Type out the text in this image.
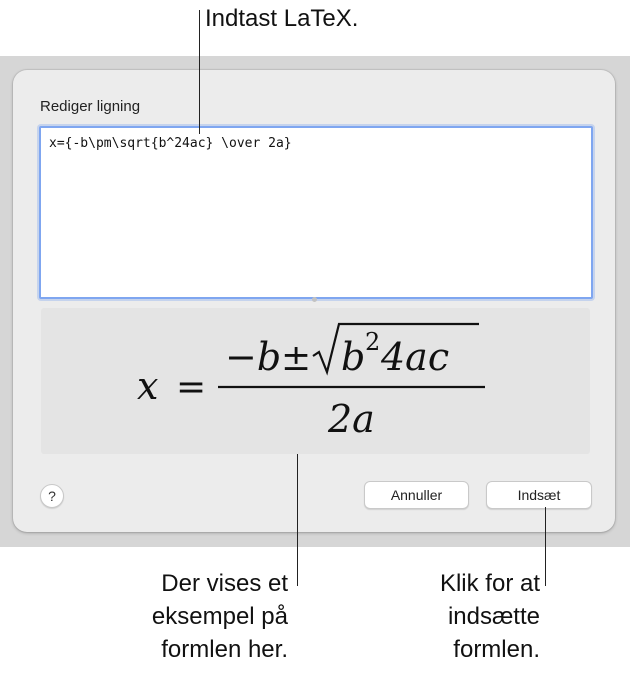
Rediger ligning
x={-b\pm\sqrt{b^24ac} \over 2a}
x =
−b ± b 2 4ac
2a
?	Annuller	Indsæt
Indtast LaTeX.
Der vises et
eksempel på
formlen her.
Klik for at
indsætte
formlen.
